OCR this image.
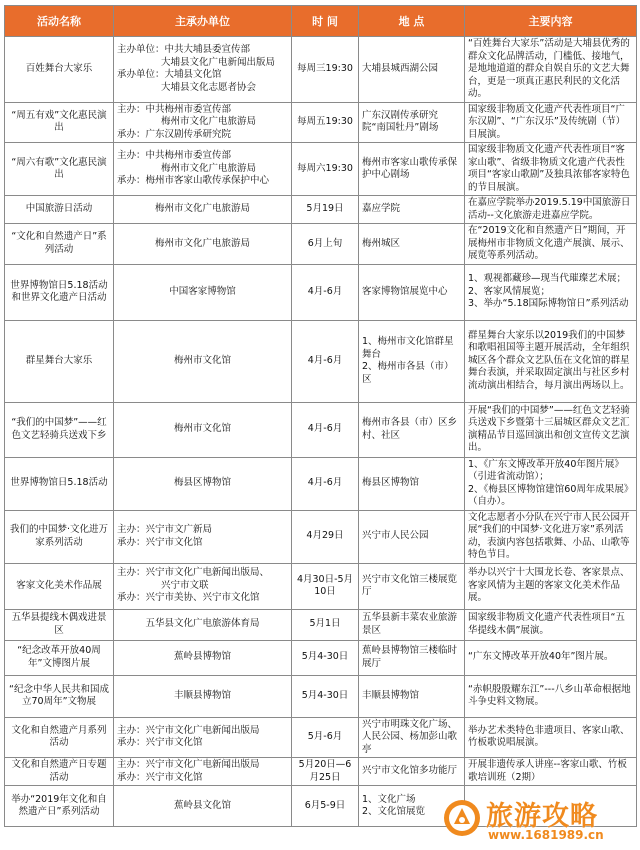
活动名称	主承办单位	时 间	地 点	主要内容
百姓舞台大家乐	主办单位：中共大埔县委宣传部
大埔县文化广电新闻出版局
承办单位：大埔县文化馆
大埔县文化志愿者协会	每周三19:30	大埔县城西湖公园	“百姓舞台大家乐”活动是大埔县优秀的群众文化品牌活动，门槛低、接地气，是地地道道的群众自娱自乐的文艺大舞台，更是一项真正惠民利民的文化活动。
“周五有戏”文化惠民演出	主办：中共梅州市委宣传部
梅州市文化广电旅游局
承办：广东汉剧传承研究院	每周五19:30	广东汉剧传承研究院“南国牡丹”剧场	国家级非物质文化遗产代表性项目“广东汉剧”、“广东汉乐”及传统剧（节）目展演。
“周六有歌”文化惠民演出	主办：中共梅州市委宣传部
梅州市文化广电旅游局
承办：梅州市客家山歌传承保护中心	每周六19:30	梅州市客家山歌传承保护中心剧场	国家级非物质文化遗产代表性项目“客家山歌”、省级非物质文化遗产代表性项目“客家山歌剧”及独具浓郁客家特色的节目展演。
中国旅游日活动	梅州市文化广电旅游局	5月19日	嘉应学院	在嘉应学院举办2019.5.19中国旅游日活动--文化旅游走进嘉应学院。
“文化和自然遗产日”系列活动	梅州市文化广电旅游局	6月上旬	梅州城区	在“2019文化和自然遗产日”期间，开展梅州市非物质文化遗产展演、展示、展览等系列活动。
世界博物馆日5.18活动和世界文化遗产日活动	中国客家博物馆	4月-6月	客家博物馆展览中心	1、观视都藏珍—现当代璀璨艺术展；
2、客家风情展览；
3、举办“5.18国际博物馆日”系列活动
群星舞台大家乐	梅州市文化馆	4月-6月	1、梅州市文化馆群星舞台
2、梅州市各县（市）区	群星舞台大家乐以2019我们的中国梦和歌唱祖国等主题开展活动，全年组织城区各个群众文艺队伍在文化馆的群星舞台表演，并采取固定演出与社区乡村流动演出相结合，每月演出两场以上。
“我们的中国梦”——红色文艺轻骑兵送戏下乡	梅州市文化馆	4月-6月	梅州市各县（市）区乡村、社区	开展“我们的中国梦”——红色文艺轻骑兵送戏下乡暨第十三届城区群众文艺汇演精品节目巡回演出和创文宣传文艺演出。
世界博物馆日5.18活动	梅县区博物馆	4月-6月	梅县区博物馆	1、《广东文博改革开放40年图片展》（引进省流动馆）；
2、《梅县区博物馆建馆60周年成果展》（自办）。
我们的中国梦·文化进万家系列活动	主办：兴宁市文广新局
承办：兴宁市文化馆	4月29日	兴宁市人民公园	文化志愿者小分队在兴宁市人民公园开展“我们的中国梦·文化进万家”系列活动，表演内容包括歌舞、小品、山歌等特色节目。
客家文化美术作品展	主办：兴宁市文化广电新闻出版局、
兴宁市文联
承办：兴宁市美协、兴宁市文化馆	4月30日-5月10日	兴宁市文化馆三楼展览厅	举办以兴宁十大围龙长卷、客家景点、客家风情为主题的客家文化美术作品展。
五华县提线木偶戏进景区	五华县文化广电旅游体育局	5月1日	五华县新丰菜农业旅游景区	国家级非物质文化遗产代表性项目“五华提线木偶”展演。
“纪念改革开放40周年”文博图片展	蕉岭县博物馆	5月4-30日	蕉岭县博物馆三楼临时展厅	“广东文博改革开放40年”图片展。
“纪念中华人民共和国成立70周年”文物展	丰顺县博物馆	5月4-30日	丰顺县博物馆	“赤帜殷殷耀东江”---八乡山革命根据地斗争史料文物展。
文化和自然遗产月系列活动	主办：兴宁市文化广电新闻出版局
承办：兴宁市文化馆	5月-6月	兴宁市明珠文化广场、人民公园、杨加彭山歌亭	举办艺术类特色非遗项目、客家山歌、竹板歌说唱展演。
文化和自然遗产日专题活动	主办：兴宁市文化广电新闻出版局
承办：兴宁市文化馆	5月20日—6月25日	兴宁市文化馆多功能厅	开展非遗传承人讲座--客家山歌、竹板歌培训班（2期）
举办“2019年文化和自然遗产日”系列活动	蕉岭县文化馆	6月5-9日	1、文化广场
2、文化馆展览	旅游攻略
www.1681989.cn
